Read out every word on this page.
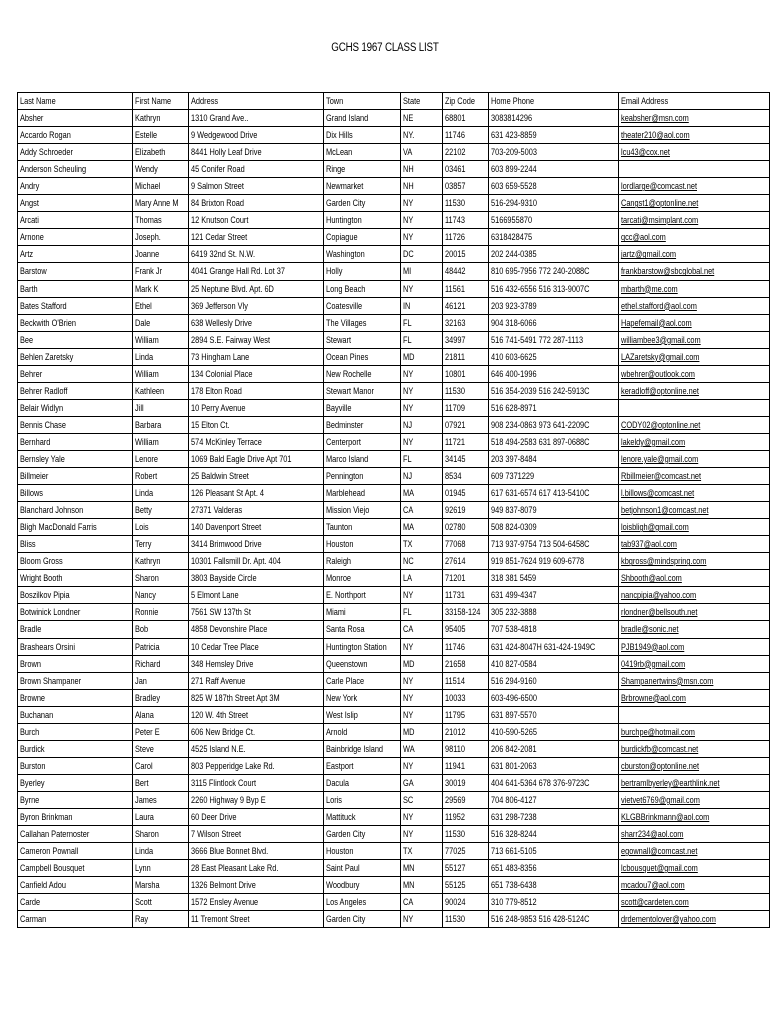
GCHS 1967 CLASS LIST
Last Name	First Name	Address	Town	State	Zip Code	Home Phone	Email Address
Absher	Kathryn	1310 Grand Ave..	Grand Island	NE	68801	3083814296	keabsher@msn.com
Accardo Rogan	Estelle	9 Wedgewood Drive	Dix Hills	NY.	11746	631 423-8859	theater210@aol.com
Addy Schroeder	Elizabeth	8441 Holly Leaf Drive	McLean	VA	22102	703-209-5003	lcu43@cox.net
Anderson Scheuling	Wendy	45 Conifer Road	Ringe	NH	03461	603 899-2244	
Andry	Michael	9 Salmon Street	Newmarket	NH	03857	603 659-5528	lordlarge@comcast.net
Angst	Mary Anne M	84 Brixton Road	Garden City	NY	11530	516-294-9310	Cangst1@optonline.net
Arcati	Thomas	12 Knutson Court	Huntington	NY	11743	5166955870	tarcati@msimplant.com
Arnone	Joseph.	121 Cedar Street	Copiague	NY	11726	6318428475	qcc@aol.com
Artz	Joanne	6419 32nd St. N.W.	Washington	DC	20015	202 244-0385	jartz@gmail.com
Barstow	Frank Jr	4041 Grange Hall Rd. Lot 37	Holly	MI	48442	810 695-7956 772 240-2088C	frankbarstow@sbcglobal.net
Barth	Mark K	25 Neptune Blvd. Apt. 6D	Long Beach	NY	11561	516 432-6556 516 313-9007C	mbarth@me.com
Bates Stafford	Ethel	369 Jefferson Vly	Coatesville	IN	46121	203 923-3789	ethel.stafford@aol.com
Beckwith O'Brien	Dale	638 Wellesly Drive	The Villages	FL	32163	904 318-6066	Hapefemail@aol.com
Bee	William	2894 S.E. Fairway West	Stewart	FL	34997	516 741-5491 772 287-1113	williambee3@gmail.com
Behlen Zaretsky	Linda	73 Hingham Lane	Ocean Pines	MD	21811	410 603-6625	LAZaretsky@gmail.com
Behrer	William	134 Colonial Place	New Rochelle	NY	10801	646 400-1996	wbehrer@outlook.com
Behrer Radloff	Kathleen	178 Elton Road	Stewart Manor	NY	11530	516 354-2039 516 242-5913C	keradloff@optonline.net
Belair Widlyn	Jill	10 Perry Avenue	Bayville	NY	11709	516 628-8971	
Bennis Chase	Barbara	15 Elton Ct.	Bedminster	NJ	07921	908 234-0863 973 641-2209C	CODY02@optonline.net
Bernhard	William	574 McKinley Terrace	Centerport	NY	11721	518 494-2583 631 897-0688C	lakeldy@gmail.com
Bernsley Yale	Lenore	1069 Bald Eagle Drive Apt 701	Marco Island	FL	34145	203 397-8484	lenore.yale@gmail.com
Billmeier	Robert	25 Baldwin Street	Pennington	NJ	8534	609 7371229	Rbillmeier@comcast.net
Billows	Linda	126 Pleasant St Apt. 4	Marblehead	MA	01945	617 631-6574 617 413-5410C	l.billows@comcast.net
Blanchard Johnson	Betty	27371 Valderas	Mission Viejo	CA	92619	949 837-8079	betjohnson1@comcast.net
Bligh MacDonald Farris	Lois	140 Davenport Street	Taunton	MA	02780	508 824-0309	loisbligh@gmail.com
Bliss	Terry	3414 Brimwood Drive	Houston	TX	77068	713 937-9754 713 504-6458C	tab937@aol.com
Bloom Gross	Kathryn	10301 Fallsmill Dr. Apt. 404	Raleigh	NC	27614	919 851-7624 919 609-6778	kbgross@mindspring.com
Wright Booth	Sharon	3803 Bayside Circle	Monroe	LA	71201	318 381 5459	Shbooth@aol.com
Boszilkov Pipia	Nancy	5 Elmont Lane	E. Northport	NY	11731	631 499-4347	nancpipia@yahoo.com
Botwinick Londner	Ronnie	7561 SW 137th St	Miami	FL	33158-124	305 232-3888	rlondner@bellsouth.net
Bradle	Bob	4858 Devonshire Place	Santa Rosa	CA	95405	707 538-4818	bradle@sonic.net
Brashears Orsini	Patricia	10 Cedar Tree Place	Huntington Station	NY	11746	631 424-8047H 631-424-1949C	PJB1949@aol.com
Brown	Richard	348 Hemsley Drive	Queenstown	MD	21658	410 827-0584	0419rb@gmail.com
Brown Shampaner	Jan	271 Raff Avenue	Carle Place	NY	11514	516 294-9160	Shampanertwins@msn.com
Browne	Bradley	825 W 187th Street Apt 3M	New York	NY	10033	603-496-6500	Brbrowne@aol.com
Buchanan	Alana	120 W. 4th Street	West Islip	NY	11795	631 897-5570	
Burch	Peter E	606 New Bridge Ct.	Arnold	MD	21012	410-590-5265	burchpe@hotmail.com
Burdick	Steve	4525 Island N.E.	Bainbridge Island	WA	98110	206 842-2081	burdickfb@comcast.net
Burston	Carol	803 Pepperidge Lake Rd.	Eastport	NY	11941	631 801-2063	cburston@optonline.net
Byerley	Bert	3115 Flintlock Court	Dacula	GA	30019	404 641-5364 678 376-9723C	bertramlbyerley@earthlink.net
Byrne	James	2260 Highway 9 Byp E	Loris	SC	29569	704 806-4127	vietvet6769@gmail.com
Byron Brinkman	Laura	60 Deer Drive	Mattituck	NY	11952	631 298-7238	KLGBBrinkmann@aol.com
Callahan Paternoster	Sharon	7 Wilson Street	Garden City	NY	11530	516 328-8244	sharr234@aol.com
Cameron Pownall	Linda	3666 Blue Bonnet Blvd.	Houston	TX	77025	713 661-5105	egownall@comcast.net
Campbell Bousquet	Lynn	28 East Pleasant Lake Rd.	Saint Paul	MN	55127	651 483-8356	lcbousquet@gmail.com
Canfield Adou	Marsha	1326 Belmont Drive	Woodbury	MN	55125	651 738-6438	mcadou7@aol.com
Carde	Scott	1572 Ensley Avenue	Los Angeles	CA	90024	310 779-8512	scott@cardeten.com
Carman	Ray	11 Tremont Street	Garden City	NY	11530	516 248-9853 516 428-5124C	drdementolover@yahoo.com
